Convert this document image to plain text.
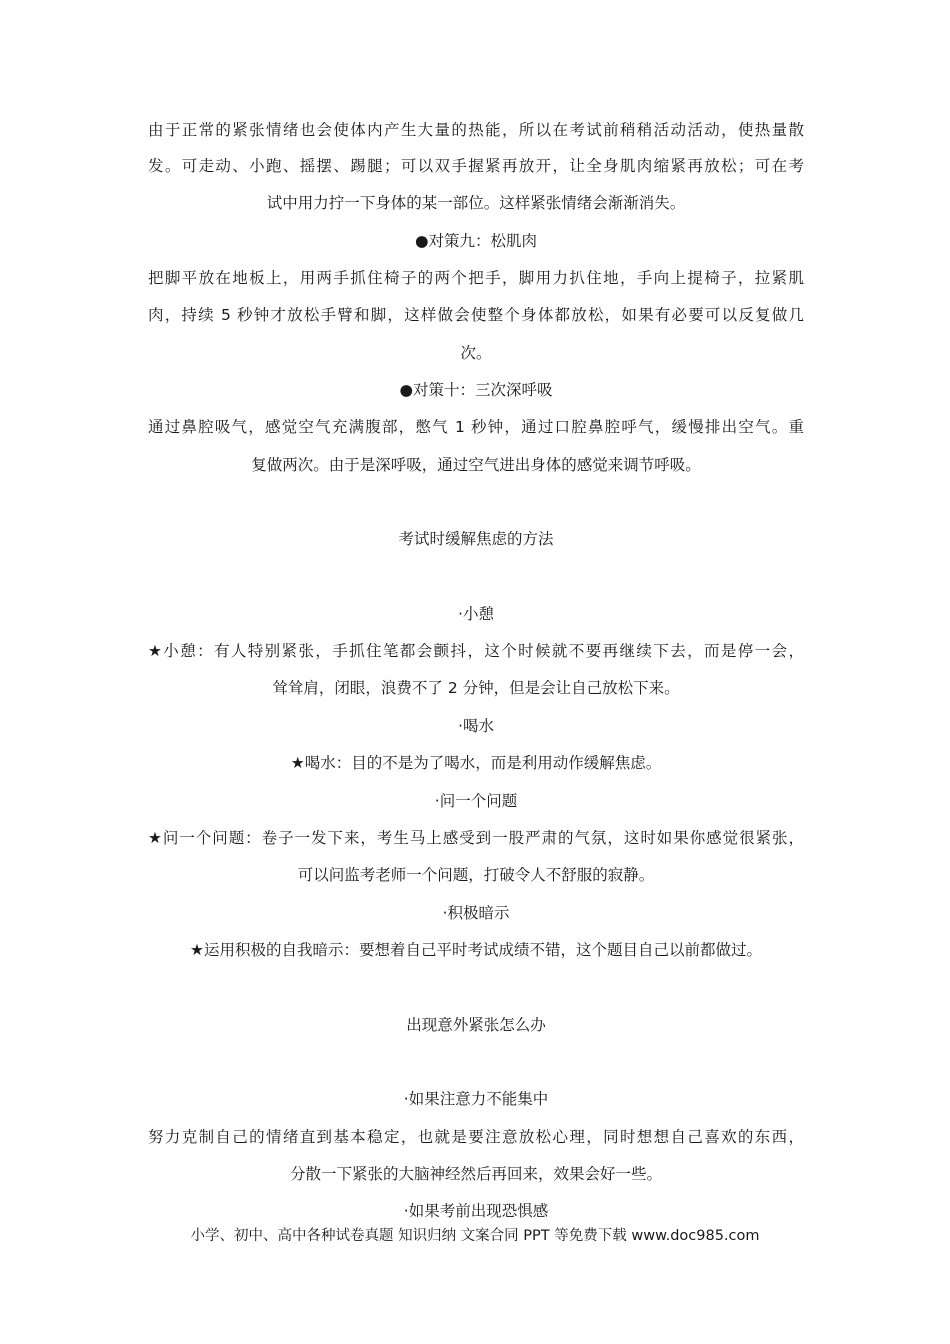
由于正常的紧张情绪也会使体内产生大量的热能，所以在考试前稍稍活动活动，使热量散
发。可走动、小跑、摇摆、踢腿；可以双手握紧再放开，让全身肌肉缩紧再放松；可在考
试中用力拧一下身体的某一部位。这样紧张情绪会渐渐消失。
●对策九：松肌肉
把脚平放在地板上，用两手抓住椅子的两个把手，脚用力扒住地，手向上提椅子，拉紧肌
肉，持续 5 秒钟才放松手臂和脚，这样做会使整个身体都放松，如果有必要可以反复做几
次。
●对策十：三次深呼吸
通过鼻腔吸气，感觉空气充满腹部，憋气 1 秒钟，通过口腔鼻腔呼气，缓慢排出空气。重
复做两次。由于是深呼吸，通过空气进出身体的感觉来调节呼吸。
考试时缓解焦虑的方法
·小憩
★小憩：有人特别紧张，手抓住笔都会颤抖，这个时候就不要再继续下去，而是停一会，
耸耸肩，闭眼，浪费不了 2 分钟，但是会让自己放松下来。
·喝水
★喝水：目的不是为了喝水，而是利用动作缓解焦虑。
·问一个问题
★问一个问题：卷子一发下来，考生马上感受到一股严肃的气氛，这时如果你感觉很紧张，
可以问监考老师一个问题，打破令人不舒服的寂静。
·积极暗示
★运用积极的自我暗示：要想着自己平时考试成绩不错，这个题目自己以前都做过。
出现意外紧张怎么办
·如果注意力不能集中
努力克制自己的情绪直到基本稳定，也就是要注意放松心理，同时想想自己喜欢的东西，
分散一下紧张的大脑神经然后再回来，效果会好一些。
·如果考前出现恐惧感
小学、初中、高中各种试卷真题 知识归纳 文案合同 PPT 等免费下载 www.doc985.com
